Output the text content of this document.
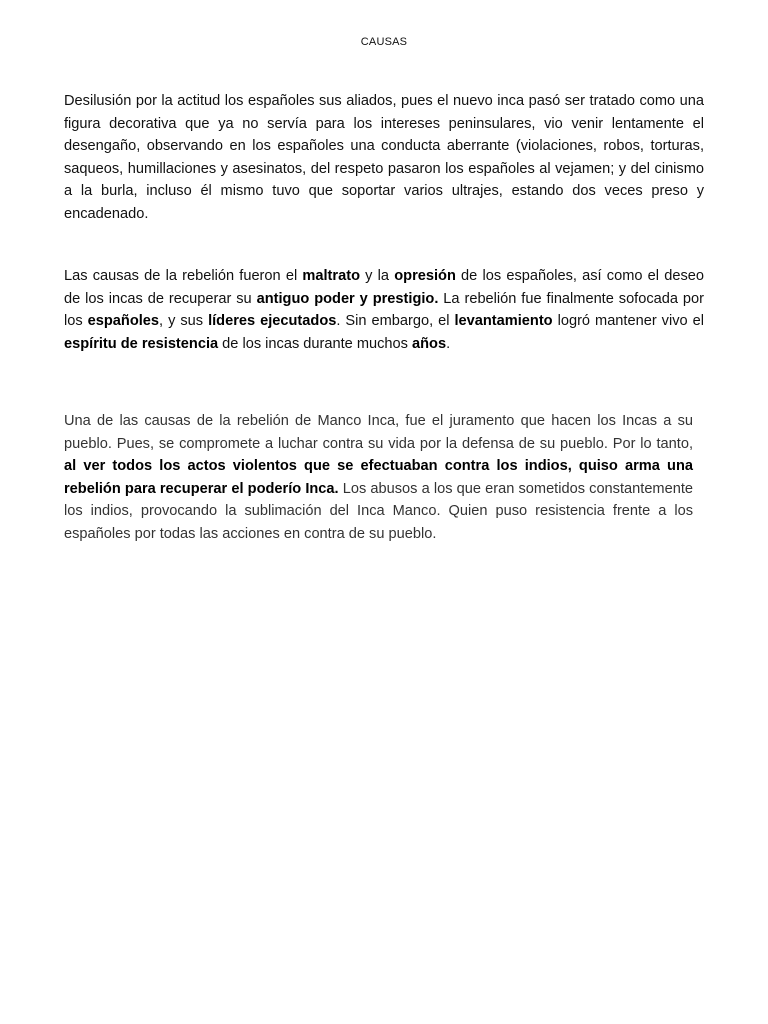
CAUSAS

Desilusión por la actitud los españoles sus aliados, pues el nuevo inca pasó ser tratado como una figura decorativa que ya no servía para los intereses peninsulares, vio venir lentamente el desengaño, observando en los españoles una conducta aberrante (violaciones, robos, torturas, saqueos, humillaciones y asesinatos, del respeto pasaron los españoles al vejamen; y del cinismo a la burla, incluso él mismo tuvo que soportar varios ultrajes, estando dos veces preso y encadenado.

Las causas de la rebelión fueron el maltrato y la opresión de los españoles, así como el deseo de los incas de recuperar su antiguo poder y prestigio. La rebelión fue finalmente sofocada por los españoles, y sus líderes ejecutados. Sin embargo, el levantamiento logró mantener vivo el espíritu de resistencia de los incas durante muchos años.

Una de las causas de la rebelión de Manco Inca, fue el juramento que hacen los Incas a su pueblo. Pues, se compromete a luchar contra su vida por la defensa de su pueblo. Por lo tanto, al ver todos los actos violentos que se efectuaban contra los indios, quiso arma una rebelión para recuperar el poderío Inca. Los abusos a los que eran sometidos constantemente los indios, provocando la sublimación del Inca Manco. Quien puso resistencia frente a los españoles por todas las acciones en contra de su pueblo.
